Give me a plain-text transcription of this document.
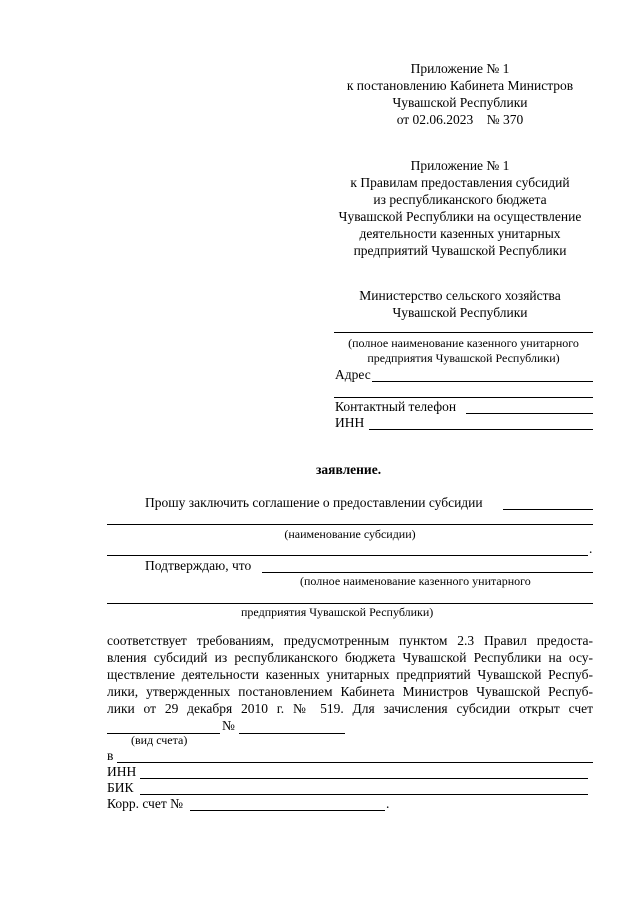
Приложение № 1
к постановлению Кабинета Министров
Чувашской Республики
от 02.06.2023    № 370
Приложение № 1
к Правилам предоставления субсидий
из республиканского бюджета
Чувашской Республики на осуществление
деятельности казенных унитарных
предприятий Чувашской Республики
Министерство сельского хозяйства
Чувашской Республики
(полное наименование казенного унитарного
предприятия Чувашской Республики)
Адрес
Контактный телефон
ИНН
заявление.
Прошу заключить соглашение о предоставлении субсидии
(наименование субсидии)
.
Подтверждаю, что
(полное наименование казенного унитарного
предприятия Чувашской Республики)
соответствует требованиям, предусмотренным пунктом 2.3 Правил предоста-
вления субсидий из республиканского бюджета Чувашской Республики на осу-
ществление деятельности казенных унитарных предприятий Чувашской Респуб-
лики, утвержденных постановлением Кабинета Министров Чувашской Респуб-
лики от 29 декабря 2010 г. № 519. Для зачисления субсидии открыт счет
№
(вид счета)
в
ИНН
БИК
Корр. счет №	.
